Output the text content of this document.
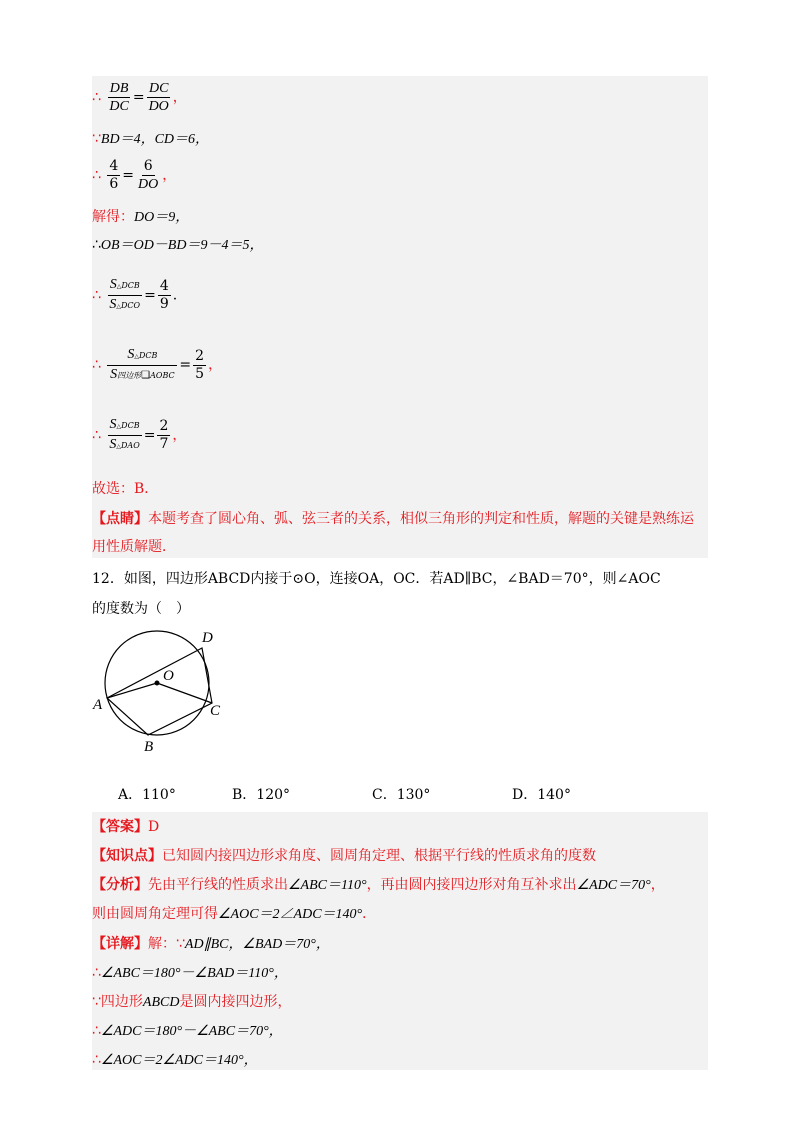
∴ $\frac{DB}{DC} = \frac{DC}{DO}$ ，
∵BD＝4，CD＝6，
∴ $\frac{4}{6} = \frac{6}{DO}$ ，
解得：DO＝9，
∴OB＝OD－BD＝9－4＝5，
∴ $\frac{\text{S△DCB}}{\text{S△DCO}} = \frac{4}{9}$ .
∴ $\frac{\text{S△DCB}}{\text{S四边形❑AOBC}} = \frac{2}{5}$ ，
∴ $\frac{\text{S△DCB}}{\text{S△DAO}} = \frac{2}{7}$ ，
故选：B．
【点睛】本题考查了圆心角、弧、弦三者的关系，相似三角形的判定和性质，解题的关键是熟练运
用性质解题．
12．如图，四边形ABCD内接于⊙O，连接OA，OC．若AD∥BC，∠BAD＝70°，则∠AOC
的度数为（　）
D
O
A	C
B
A．110°	B．120°	C．130°	D．140°
【答案】D
【知识点】已知圆内接四边形求角度、圆周角定理、根据平行线的性质求角的度数
【分析】先由平行线的性质求出∠ABC＝110°，再由圆内接四边形对角互补求出∠ADC＝70°，
则由圆周角定理可得∠AOC＝2∠ADC＝140°．
【详解】解：∵AD∥BC，∠BAD＝70°，
∴∠ABC＝180°－∠BAD＝110°，
∵四边形ABCD是圆内接四边形，
∴∠ADC＝180°－∠ABC＝70°，
∴∠AOC＝2∠ADC＝140°，
